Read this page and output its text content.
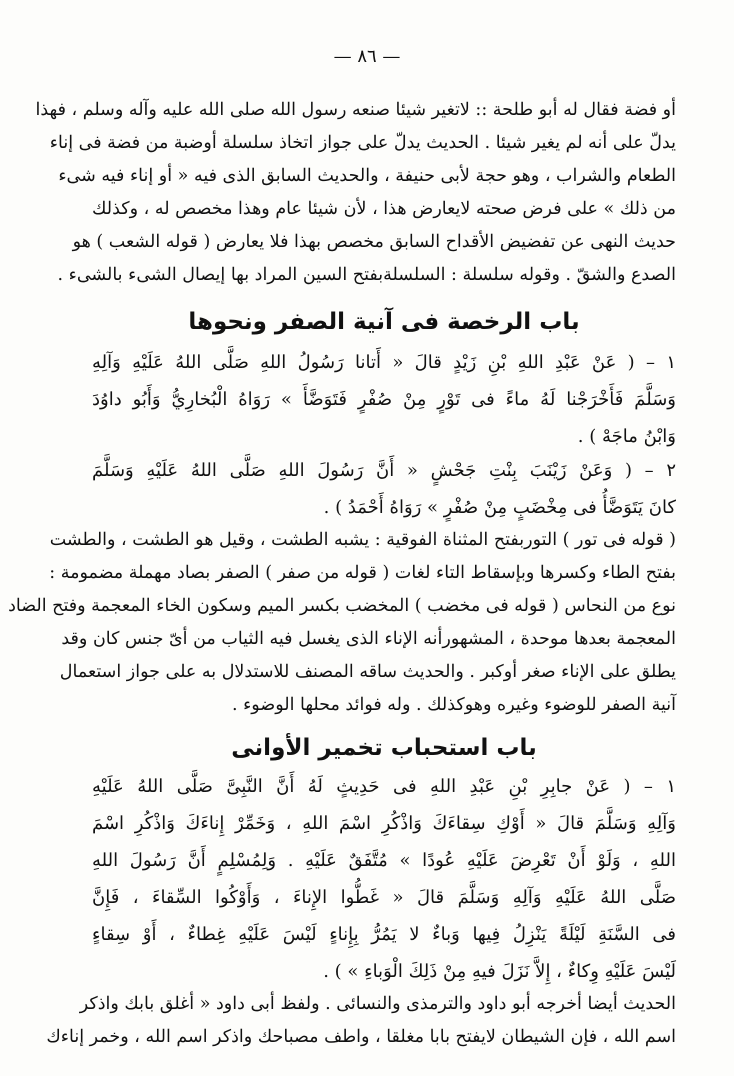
— ٨٦ —
أو فضة فقال له أبو طلحة :: لاتغير شيئا صنعه رسول الله صلى الله عليه وآله وسلم ، فهذا
يدلّ على أنه لم يغير شيئا . الحديث يدلّ على جواز اتخاذ سلسلة أوضبة من فضة فى إناء
الطعام والشراب ، وهو حجة لأبى حنيفة ، والحديث السابق الذى فيه « أو إناء فيه شىء
من ذلك » على فرض صحته لايعارض هذا ، لأن شيئا عام وهذا مخصص له ، وكذلك
حديث النهى عن تفضيض الأقداح السابق مخصص بهذا فلا يعارض ( قوله الشعب ) هو
الصدع والشقّ . وقوله سلسلة : السلسلةبفتح السين المراد بها إيصال الشىء بالشىء .
باب الرخصة فى آنية الصفر ونحوها
١ – ( عَنْ عَبْدِ اللهِ بْنِ زَيْدٍ قالَ « أَتانا رَسُولُ اللهِ صَلَّى اللهُ عَلَيْهِ وَآلِهِ
وَسَلَّمَ فَأَخْرَجْنا لَهُ ماءً فى تَوْرٍ مِنْ صُفْرٍ فَتَوَضَّأَ » رَوَاهُ الْبُخارِيُّ وَأَبُو داوُدَ
وَابْنُ ماجَهْ ) .
٢ – ( وَعَنْ زَيْنَبَ بِنْتِ جَحْشٍ « أَنَّ رَسُولَ اللهِ صَلَّى اللهُ عَلَيْهِ وَسَلَّمَ
كانَ يَتَوَضَّأُ فى مِخْضَبٍ مِنْ صُفْرٍ » رَوَاهُ أَحْمَدُ ) .
( قوله فى تور ) التوربفتح المثناة الفوقية : يشبه الطشت ، وقيل هو الطشت ، والطشت
بفتح الطاء وكسرها وبإسقاط التاء لغات ( قوله من صفر ) الصفر بصاد مهملة مضمومة :
نوع من النحاس ( قوله فى مخضب ) المخضب بكسر الميم وسكون الخاء المعجمة وفتح الضاد
المعجمة بعدها موحدة ، المشهورأنه الإناء الذى يغسل فيه الثياب من أىّ جنس كان وقد
يطلق على الإناء صغر أوكبر . والحديث ساقه المصنف للاستدلال به على جواز استعمال
آنية الصفر للوضوء وغيره وهوكذلك . وله فوائد محلها الوضوء .
باب استحباب تخمير الأوانى
١ – ( عَنْ جابِرِ بْنِ عَبْدِ اللهِ فى حَدِيثٍ لَهُ أَنَّ النَّبِىَّ صَلَّى اللهُ عَلَيْهِ
وَآلِهِ وَسَلَّمَ قالَ « أَوْكِ سِقاءَكَ وَاذْكُرِ اسْمَ اللهِ ، وَخَمِّرْ إِناءَكَ وَاذْكُرِ اسْمَ
اللهِ ، وَلَوْ أَنْ تَعْرِضَ عَلَيْهِ عُودًا » مُتَّفَقٌ عَلَيْهِ . وَلِمُسْلِمٍ أَنَّ رَسُولَ اللهِ
صَلَّى اللهُ عَلَيْهِ وَآلِهِ وَسَلَّمَ قالَ « غَطُّوا الإِناءَ ، وَأَوْكُوا السِّقاءَ ، فَإِنَّ
فى السَّنَةِ لَيْلَةً يَنْزِلُ فِيها وَباءٌ لا يَمُرُّ بِإِناءٍ لَيْسَ عَلَيْهِ غِطاءٌ ، أَوْ سِقاءٍ
لَيْسَ عَلَيْهِ وِكاءٌ ، إِلاَّ نَزَلَ فيهِ مِنْ ذَلِكَ الْوَباءِ » ) .
الحديث أيضا أخرجه أبو داود والترمذى والنسائى . ولفظ أبى داود « أغلق بابك واذكر
اسم الله ، فإن الشيطان لايفتح بابا مغلقا ، واطف مصباحك واذكر اسم الله ، وخمر إناءك
